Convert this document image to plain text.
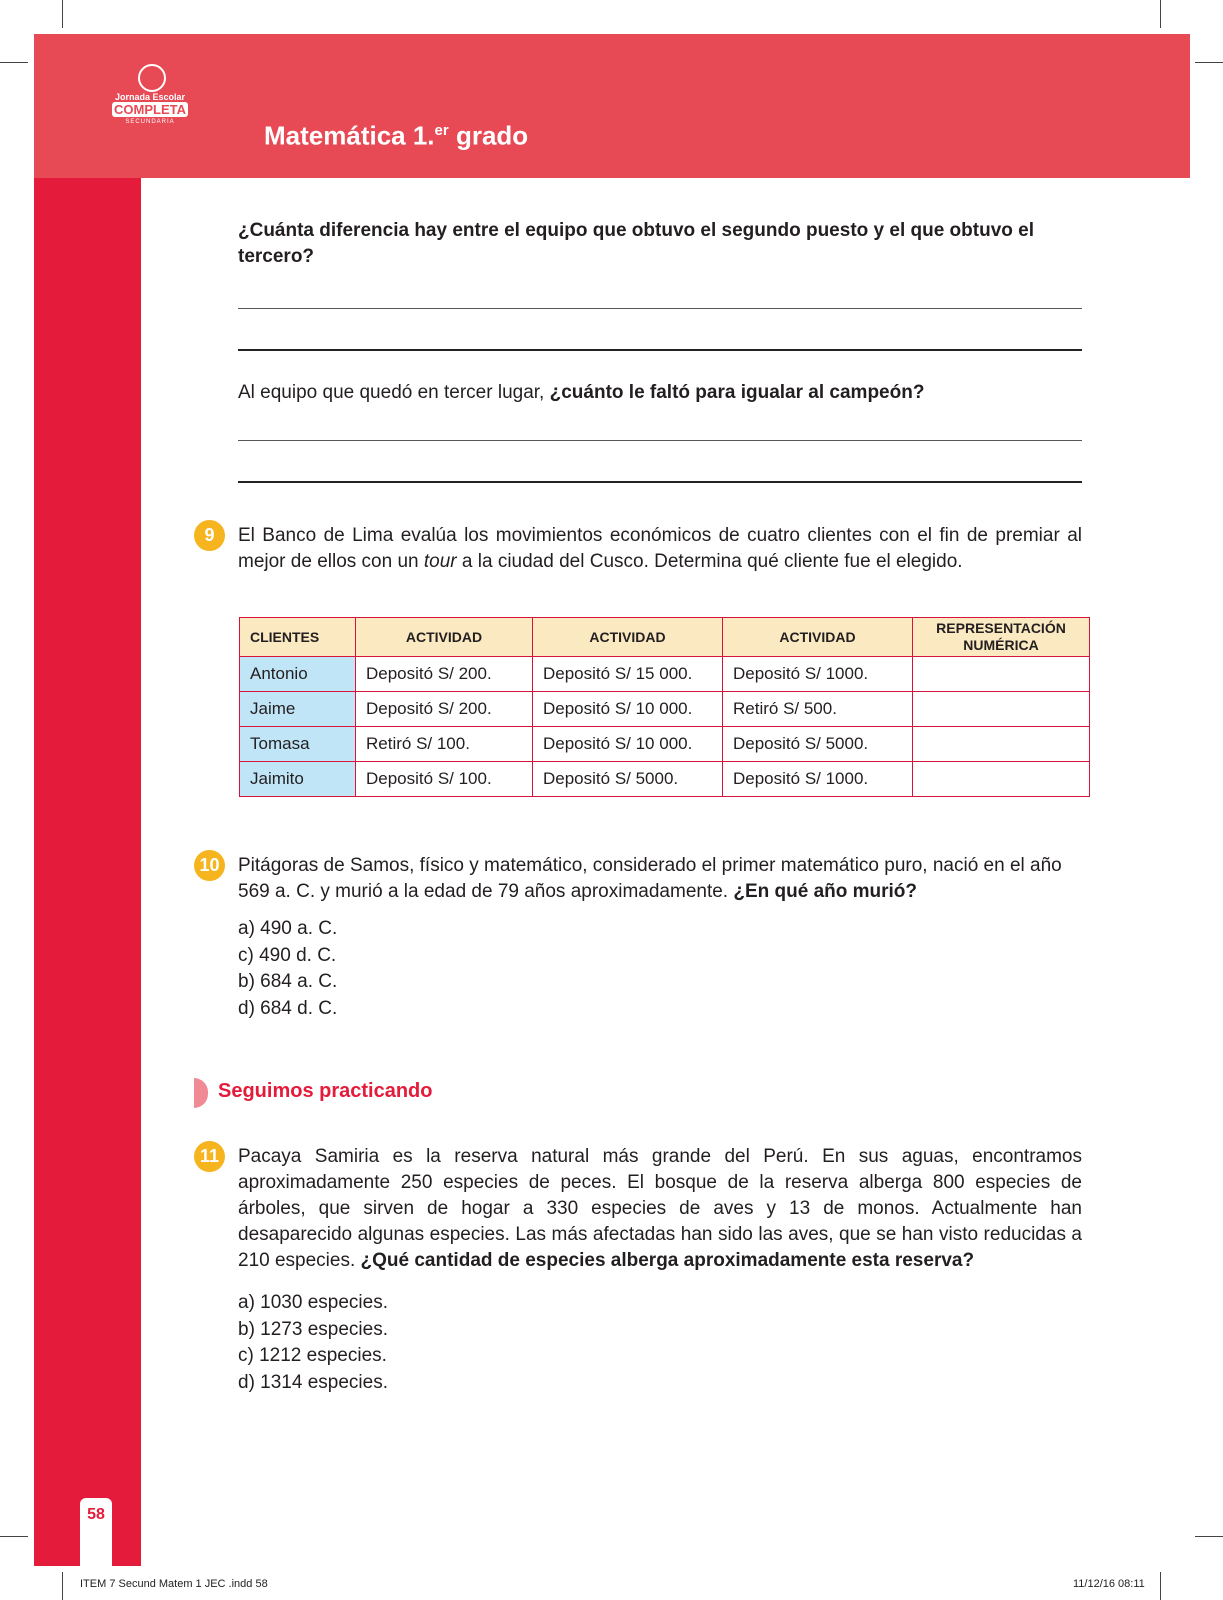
Jornada Escolar
COMPLETA
SECUNDARIA	Matemática 1.$^{er}$ grado
58
¿Cuánta diferencia hay entre el equipo que obtuvo el segundo puesto y el que obtuvo el tercero?
Al equipo que quedó en tercer lugar, ¿cuánto le faltó para igualar al campeón?
9	El Banco de Lima evalúa los movimientos económicos de cuatro clientes con el fin de premiar al mejor de ellos con un tour a la ciudad del Cusco. Determina qué cliente fue el elegido.
CLIENTES	ACTIVIDAD	ACTIVIDAD	ACTIVIDAD	REPRESENTACIÓN NUMÉRICA
Antonio	Depositó S/ 200.	Depositó S/ 15 000.	Depositó S/ 1000.	
Jaime	Depositó S/ 200.	Depositó S/ 10 000.	Retiró S/ 500.	
Tomasa	Retiró S/ 100.	Depositó S/ 10 000.	Depositó S/ 5000.	
Jaimito	Depositó S/ 100.	Depositó S/ 5000.	Depositó S/ 1000.	
10 Pitágoras de Samos, físico y matemático, considerado el primer matemático puro, nació en el año 569 a. C. y murió a la edad de 79 años aproximadamente. ¿En qué año murió?
a) 490 a. C.
c) 490 d. C.
b) 684 a. C.
d) 684 d. C.
Seguimos practicando
11 Pacaya Samiria es la reserva natural más grande del Perú. En sus aguas, encontramos aproximadamente 250 especies de peces. El bosque de la reserva alberga 800 especies de árboles, que sirven de hogar a 330 especies de aves y 13 de monos. Actualmente han desaparecido algunas especies. Las más afectadas han sido las aves, que se han visto reducidas a 210 especies. ¿Qué cantidad de especies alberga aproximadamente esta reserva?
a) 1030 especies.
b) 1273 especies.
c) 1212 especies.
d) 1314 especies.
ITEM 7 Secund Matem 1 JEC .indd 58	11/12/16 08:11
